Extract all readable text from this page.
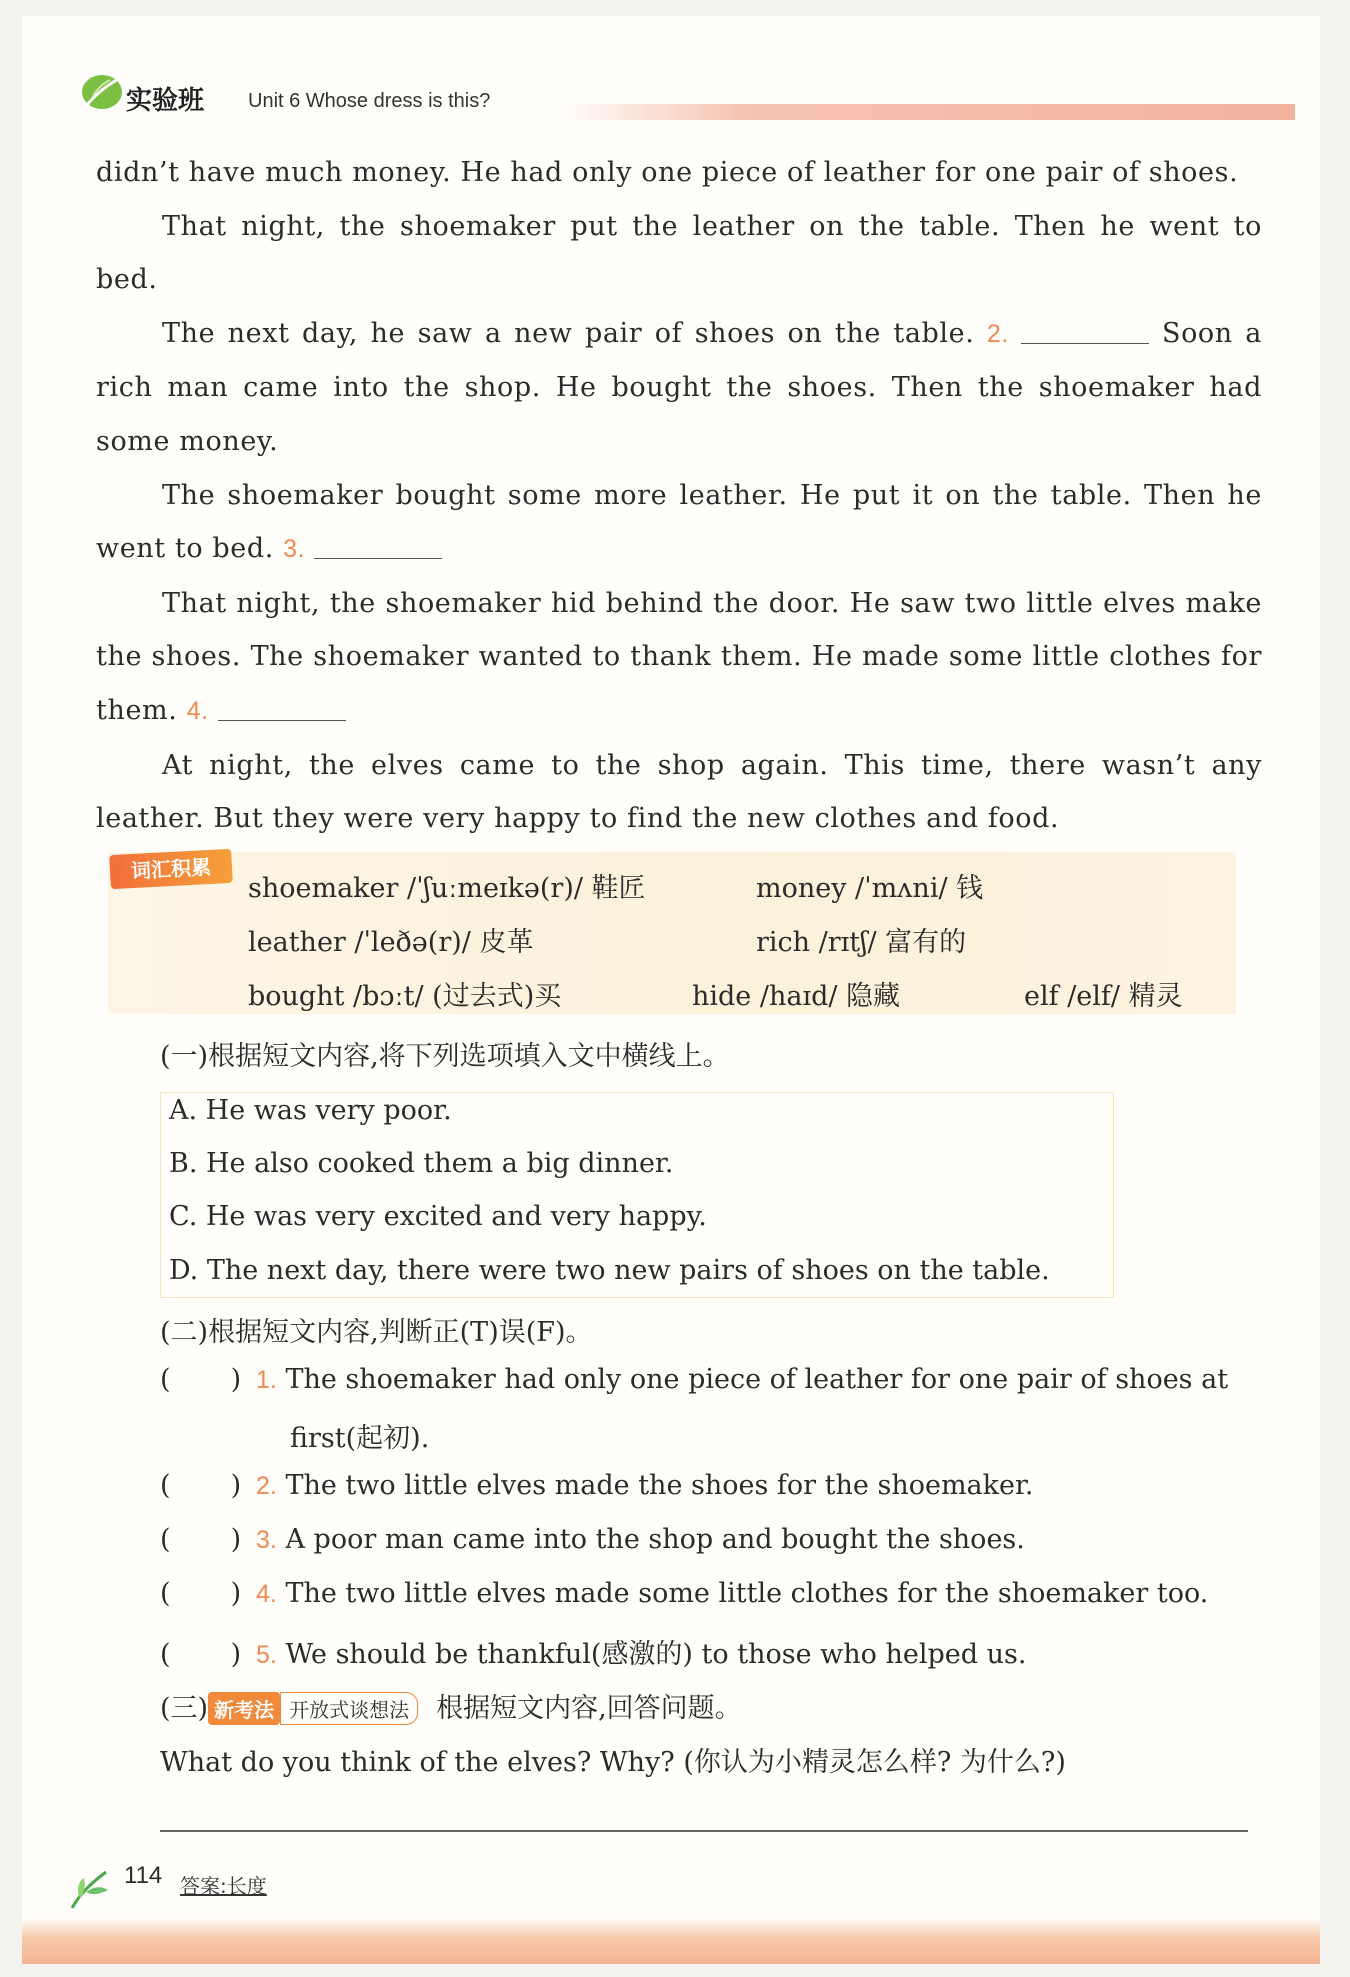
实验班 Unit 6 Whose dress is this?

didn’t have much money. He had only one piece of leather for one pair of shoes.

That night, the shoemaker put the leather on the table. Then he went to bed.

The next day, he saw a new pair of shoes on the table. 2.	Soon a rich man came into the shop. He bought the shoes. Then the shoemaker had some money.

The shoemaker bought some more leather. He put it on the table. Then he went to bed. 3.

That night, the shoemaker hid behind the door. He saw two little elves make the shoes. The shoemaker wanted to thank them. He made some little clothes for them. 4.

At night, the elves came to the shop again. This time, there wasn’t any leather. But they were very happy to find the new clothes and food.

词汇积累
shoemaker /ˈʃuːmeɪkə(r)/ 鞋匠	money /ˈmʌni/ 钱
leather /ˈleðə(r)/ 皮革	rich /rɪtʃ/ 富有的
bought /bɔːt/ (过去式)买	hide /haɪd/ 隐藏	elf /elf/ 精灵
(一)根据短文内容,将下列选项填入文中横线上。
A. He was very poor.
B. He also cooked them a big dinner.
C. He was very excited and very happy.
D. The next day, there were two new pairs of shoes on the table.
(二)根据短文内容,判断正(T)误(F)。
(       ) 1. The shoemaker had only one piece of leather for one pair of shoes at
first(起初).
(       ) 2. The two little elves made the shoes for the shoemaker.
(       ) 3. A poor man came into the shop and bought the shoes.
(       ) 4. The two little elves made some little clothes for the shoemaker too.
(       ) 5. We should be thankful(感激的) to those who helped us.
(三) 新考法 开放式谈想法 根据短文内容,回答问题。
What do you think of the elves? Why? (你认为小精灵怎么样? 为什么?)
114 答案:长度
